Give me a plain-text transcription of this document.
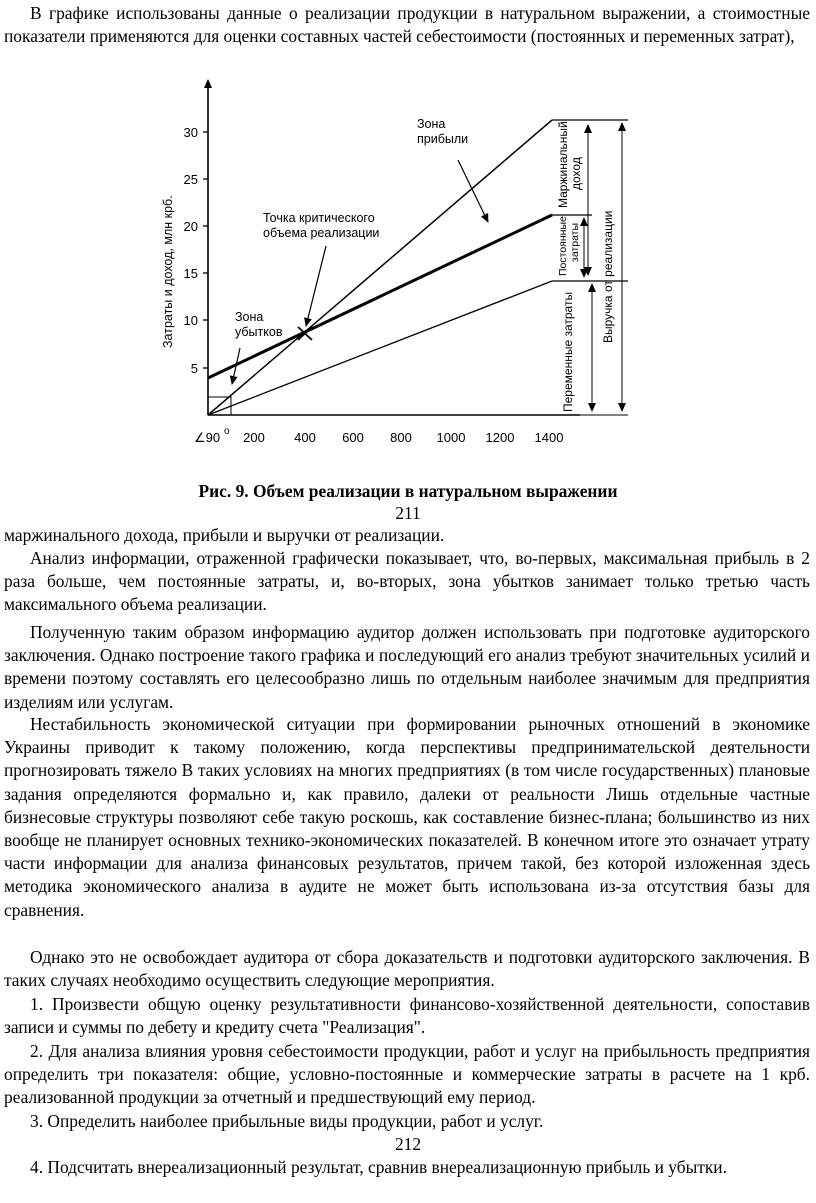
В графике использованы данные о реализации продукции в натуральном выражении, а стоимостные показатели применяются для оценки составных частей себестоимости (постоянных и переменных затрат),

30
25
20
15
10
5
Затраты и доход, млн крб.
∠90 о 200 400 600 800 1000 1200 1400
Зона
прибыли
Точка критического
объема реализации
Зона
убытков
Маржинальный доход
Постоянные затраты
Переменные затраты
Выручка от реализации

Рис. 9. Объем реализации в натуральном выражении

211

маржинального дохода, прибыли и выручки от реализации.

Анализ информации, отраженной графически показывает, что, во-первых, максимальная прибыль в 2 раза больше, чем постоянные затраты, и, во-вторых, зона убытков занимает только третью часть максимального объема реализации.

Полученную таким образом информацию аудитор должен использовать при подготовке аудиторского заключения. Однако построение такого графика и последующий его анализ требуют значительных усилий и времени поэтому составлять его целесообразно лишь по отдельным наиболее значимым для предприятия изделиям или услугам.

Нестабильность экономической ситуации при формировании рыночных отношений в экономике Украины приводит к такому положению, когда перспективы предпринимательской деятельности прогнозировать тяжело В таких условиях на многих предприятиях (в том числе государственных) плановые задания определяются формально и, как правило, далеки от реальности Лишь отдельные частные бизнесовые структуры позволяют себе такую роскошь, как составление бизнес-плана; большинство из них вообще не планирует основных технико-экономических показателей. В конечном итоге это означает утрату части информации для анализа финансовых результатов, причем такой, без которой изложенная здесь методика экономического анализа в аудите не может быть использована из-за отсутствия базы для сравнения.

Однако это не освобождает аудитора от сбора доказательств и подготовки аудиторского заключения. В таких случаях необходимо осуществить следующие мероприятия.

1. Произвести общую оценку результативности финансово-хозяйственной деятельности, сопоставив записи и суммы по дебету и кредиту счета "Реализация".

2. Для анализа влияния уровня себестоимости продукции, работ и услуг на прибыльность предприятия определить три показателя: общие, условно-постоянные и коммерческие затраты в расчете на 1 крб. реализованной продукции за отчетный и предшествующий ему период.

3. Определить наиболее прибыльные виды продукции, работ и услуг.

212

4. Подсчитать внереализационный результат, сравнив внереализационную прибыль и убытки.
